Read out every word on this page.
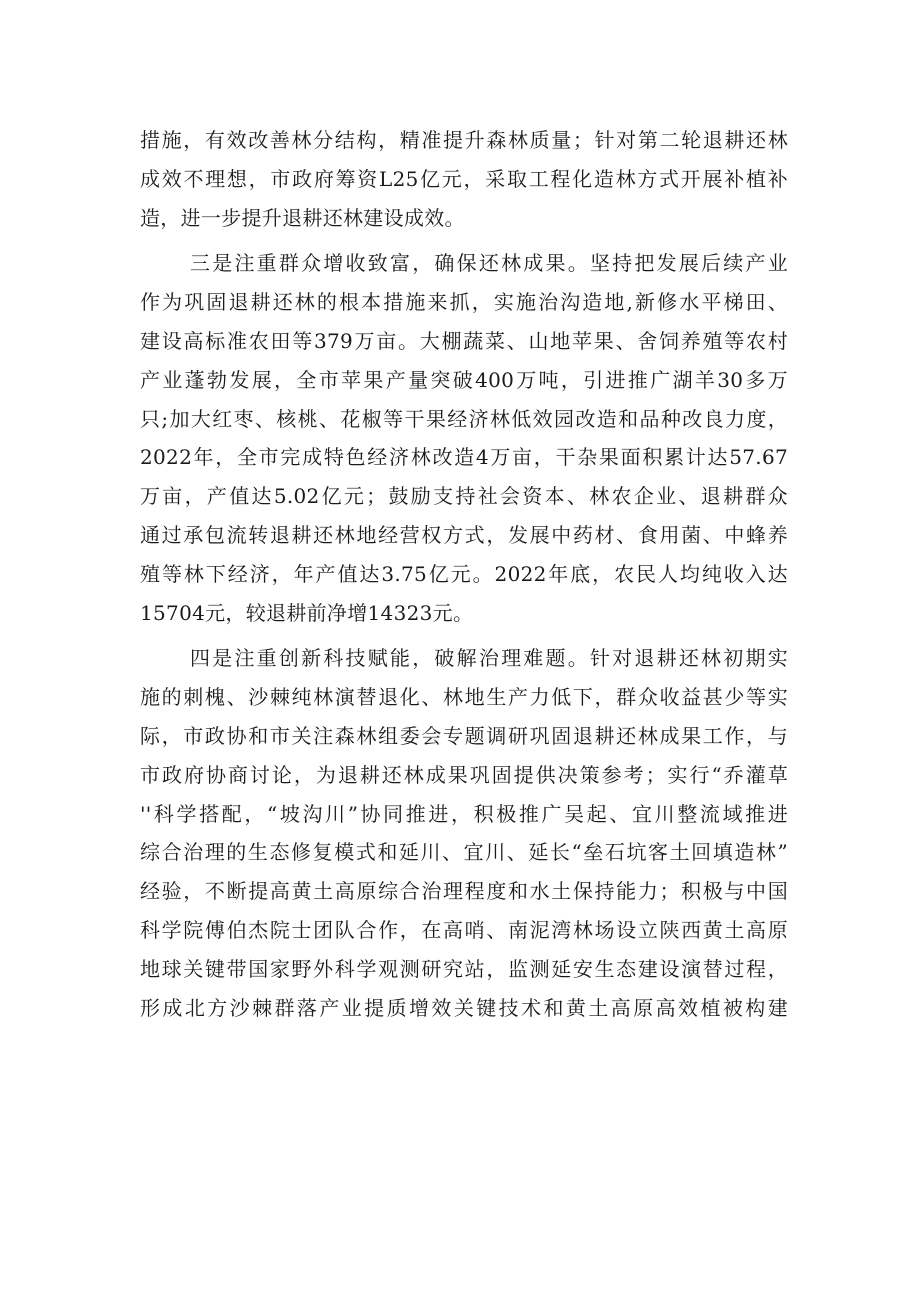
措施，有效改善林分结构，精准提升森林质量；针对第二轮退耕还林
成效不理想，市政府筹资L25亿元，采取工程化造林方式开展补植补
造，进一步提升退耕还林建设成效。
三是注重群众增收致富，确保还林成果。坚持把发展后续产业
作为巩固退耕还林的根本措施来抓，实施治沟造地,新修水平梯田、
建设高标准农田等379万亩。大棚蔬菜、山地苹果、舍饲养殖等农村
产业蓬勃发展，全市苹果产量突破400万吨，引进推广湖羊30多万
只;加大红枣、核桃、花椒等干果经济林低效园改造和品种改良力度，
2022年，全市完成特色经济林改造4万亩，干杂果面积累计达57.67
万亩，产值达5.02亿元；鼓励支持社会资本、林农企业、退耕群众
通过承包流转退耕还林地经营权方式，发展中药材、食用菌、中蜂养
殖等林下经济，年产值达3.75亿元。2022年底，农民人均纯收入达
15704元，较退耕前净增14323元。
四是注重创新科技赋能，破解治理难题。针对退耕还林初期实
施的刺槐、沙棘纯林演替退化、林地生产力低下，群众收益甚少等实
际，市政协和市关注森林组委会专题调研巩固退耕还林成果工作，与
市政府协商讨论，为退耕还林成果巩固提供决策参考；实行“乔灌草
''科学搭配，“坡沟川”协同推进，积极推广吴起、宜川整流域推进
综合治理的生态修复模式和延川、宜川、延长“垒石坑客土回填造林”
经验，不断提高黄土高原综合治理程度和水土保持能力；积极与中国
科学院傅伯杰院士团队合作，在高哨、南泥湾林场设立陕西黄土高原
地球关键带国家野外科学观测研究站，监测延安生态建设演替过程，
形成北方沙棘群落产业提质增效关键技术和黄土高原高效植被构建
